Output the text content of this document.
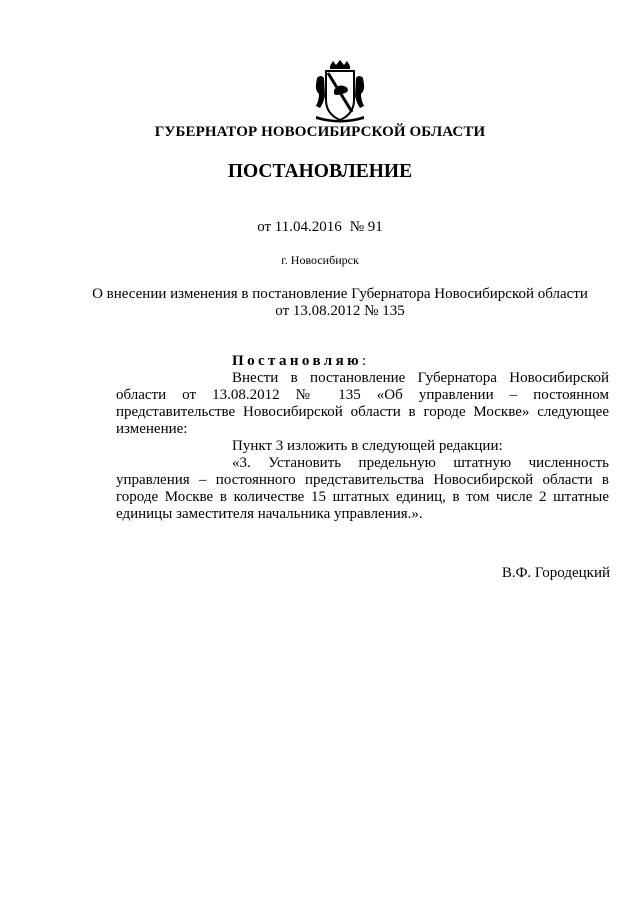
ГУБЕРНАТОР НОВОСИБИРСКОЙ ОБЛАСТИ
ПОСТАНОВЛЕНИЕ
от 11.04.2016 № 91
г. Новосибирск
О внесении изменения в постановление Губернатора Новосибирской области
от 13.08.2012 № 135

Постановляю:

Внести в постановление Губернатора Новосибирской области от 13.08.2012 № 135 «Об управлении – постоянном представительстве Новосибирской области в городе Москве» следующее изменение:

Пункт 3 изложить в следующей редакции:

«3. Установить предельную штатную численность управления – постоянного представительства Новосибирской области в городе Москве в количестве 15 штатных единиц, в том числе 2 штатные единицы заместителя начальника управления.».

В.Ф. Городецкий
